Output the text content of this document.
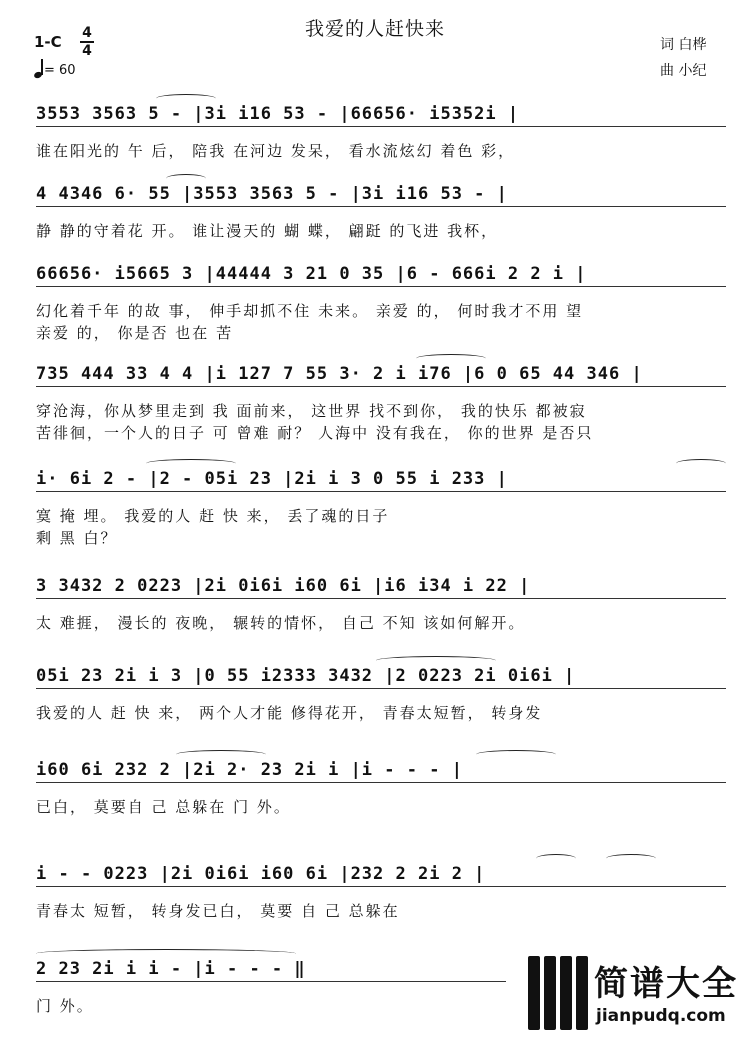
我爱的人赶快来
1-C 4
4
= 60
词 白桦
曲 小纪
3553 3563 5 - |3i i16 53 - |66656· i5352i |
谁在阳光的 午 后， 陪我 在河边 发呆， 看水流炫幻 着色 彩，
4 4346 6· 55 |3553 3563 5 - |3i i16 53 - |
静 静的守着花 开。 谁让漫天的 蝴 蝶， 翩跹 的飞进 我杯，
66656· i5665 3 |44444 3 21 0 35 |6 - 666i 2 2 i |
幻化着千年 的故 事， 伸手却抓不住 未来。 亲爱 的， 何时我才不用 望
亲爱 的， 你是否 也在 苦
735 444 33 4 4 |i 127 7 55 3· 2 i i76 |6 0 65 44 346 |
穿沧海，你从梦里走到 我 面前来， 这世界 找不到你， 我的快乐 都被寂
苦徘徊，一个人的日子 可 曾难 耐？ 人海中 没有我在， 你的世界 是否只
i· 6i 2 - |2 - 05i 23 |2i i 3 0 55 i 233 |
寞 掩 埋。 我爱的人 赶 快 来， 丢了魂的日子
剩 黑 白？
3 3432 2 0223 |2i 0i6i i60 6i |i6 i34 i 22 |
太 难捱， 漫长的 夜晚， 辗转的情怀， 自己 不知 该如何解开。
05i 23 2i i 3 |0 55 i2333 3432 |2 0223 2i 0i6i |
我爱的人 赶 快 来， 两个人才能 修得花开， 青春太短暂， 转身发
i60 6i 232 2 |2i 2· 23 2i i |i - - - |
已白， 莫要自 己 总躲在 门 外。
i - - 0223 |2i 0i6i i60 6i |232 2 2i 2 |
青春太 短暂， 转身发已白， 莫要 自 己 总躲在
2 23 2i i i - |i - - - ‖
门 外。
简谱大全
jianpudq.com
